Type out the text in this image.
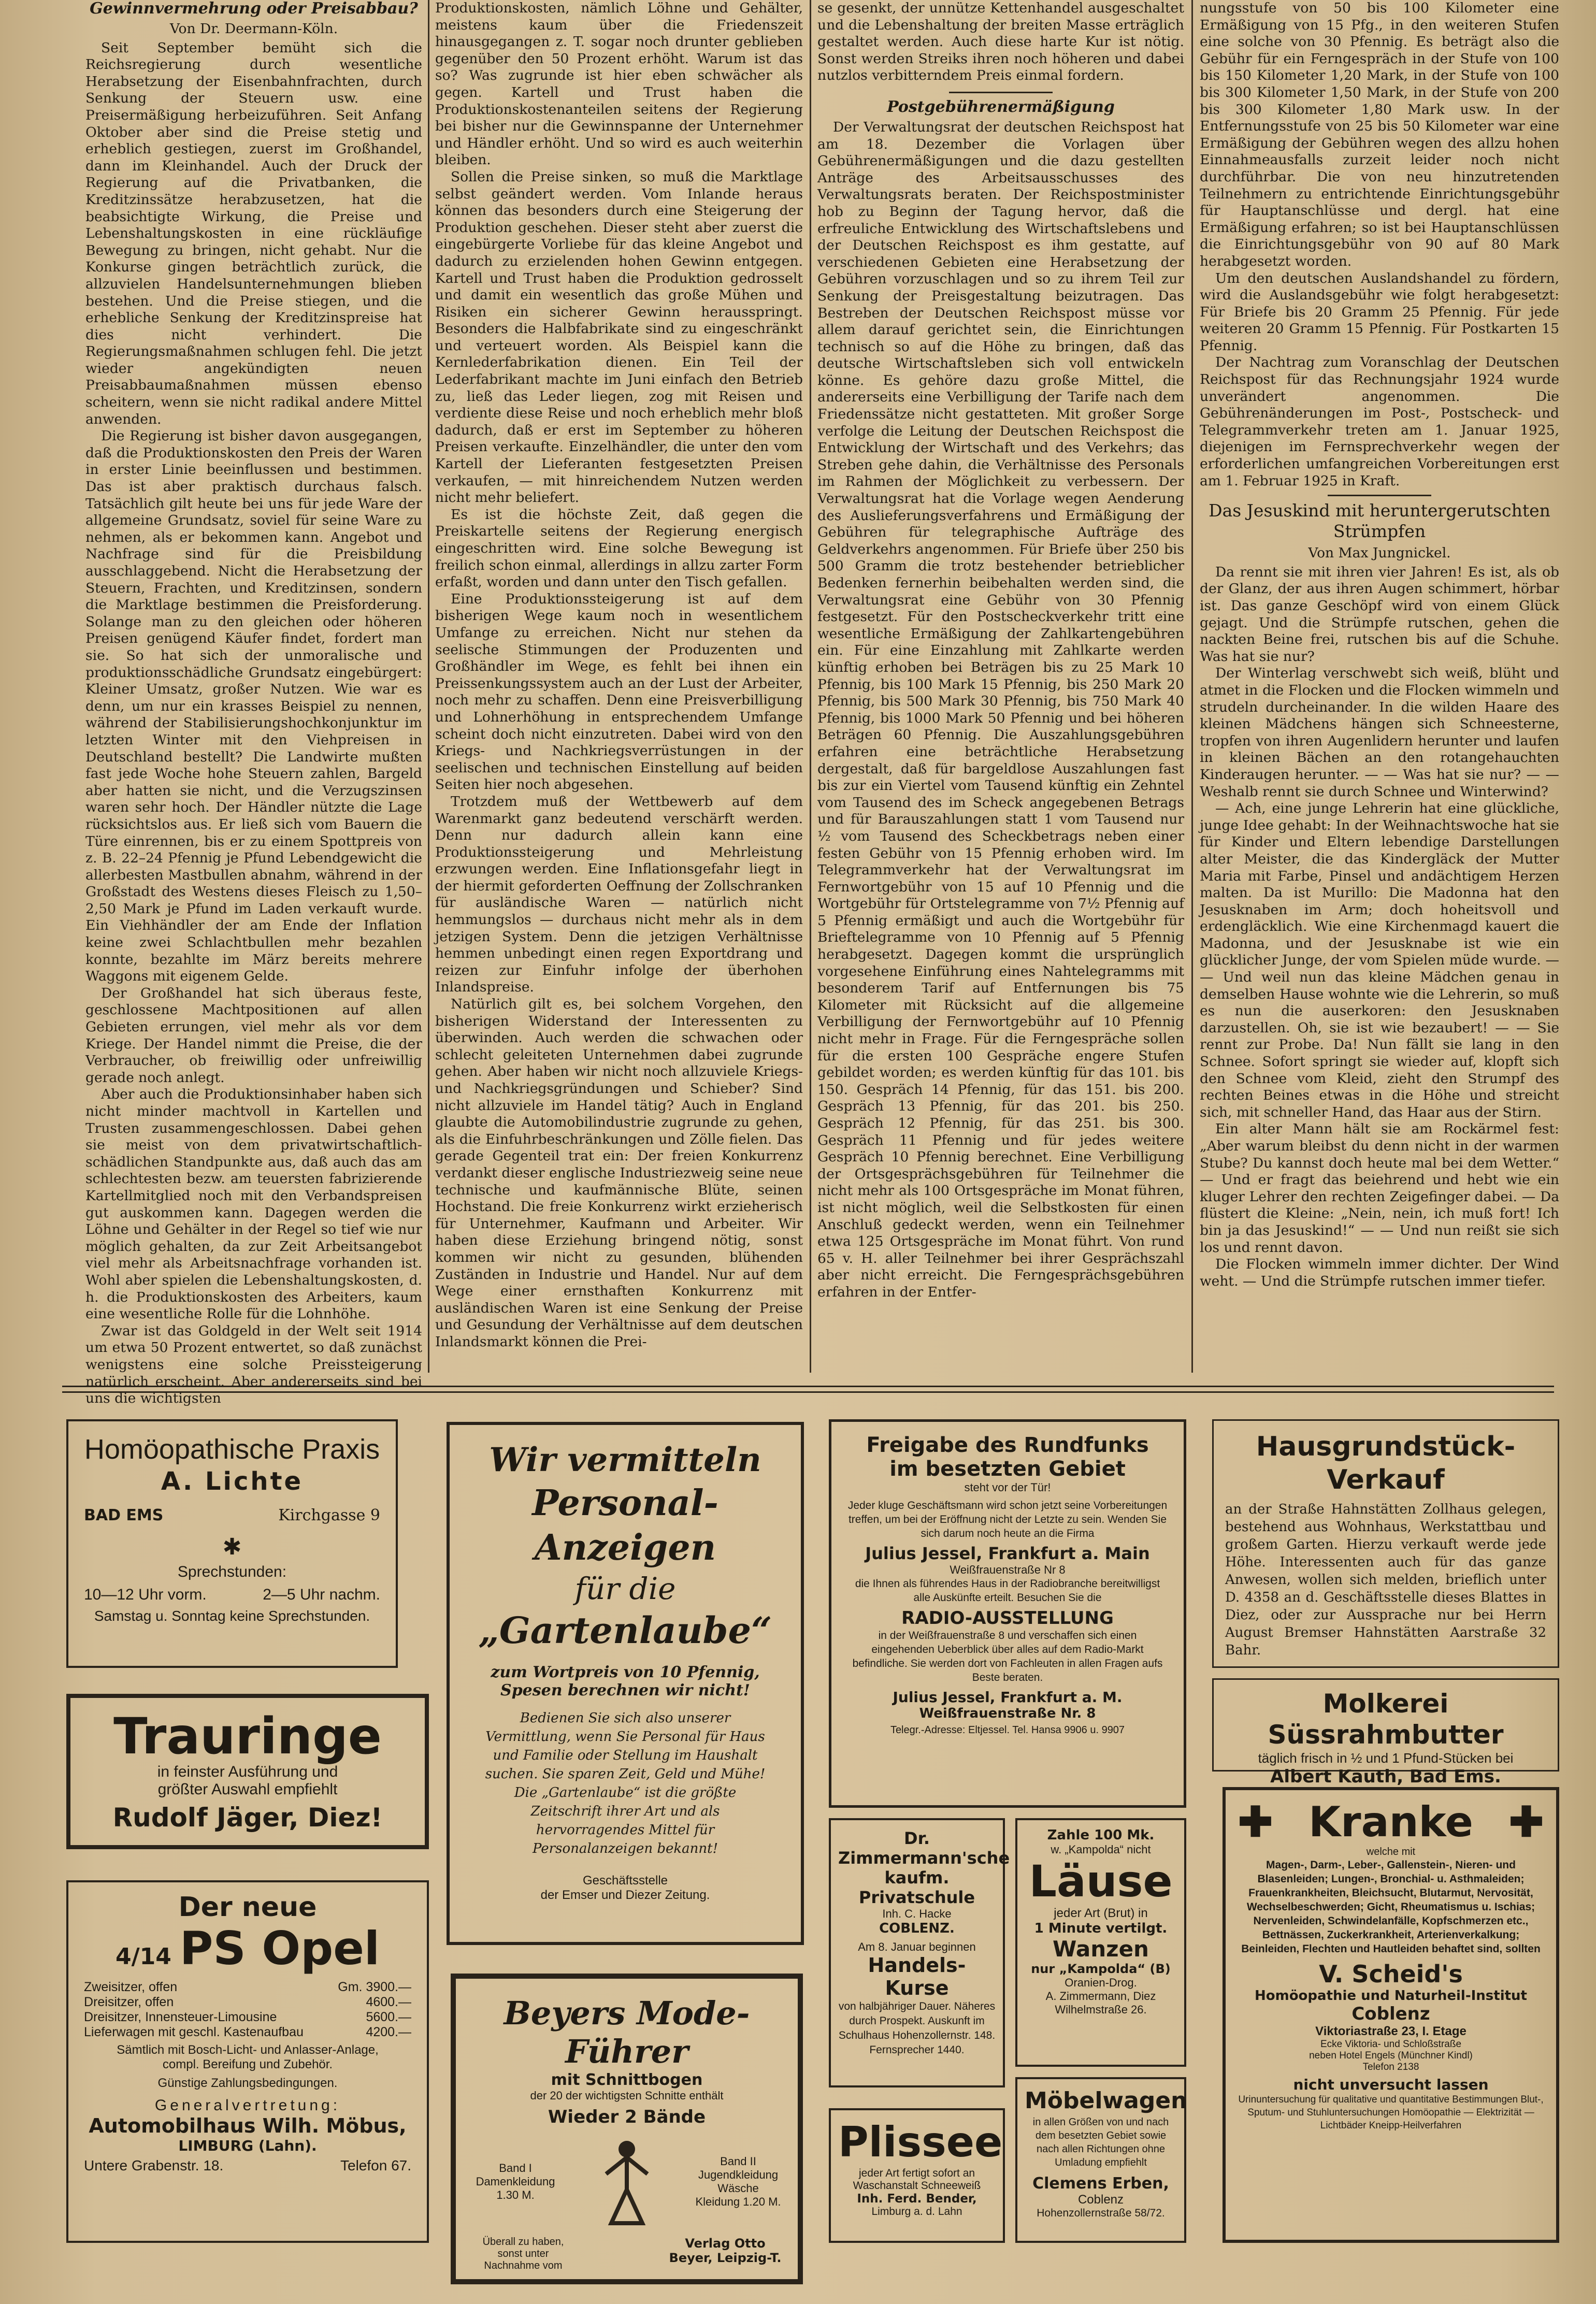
Gewinnvermehrung oder Preisabbau?

Von Dr. Deermann-Köln.

Seit September bemüht sich die Reichsregierung durch wesentliche Herabsetzung der Eisenbahnfrachten, durch Senkung der Steuern usw. eine Preisermäßigung herbeizuführen. Seit Anfang Oktober aber sind die Preise stetig und erheblich gestiegen, zuerst im Großhandel, dann im Kleinhandel. Auch der Druck der Regierung auf die Privatbanken, die Kreditzinssätze herabzusetzen, hat die beabsichtigte Wirkung, die Preise und Lebenshaltungskosten in eine rückläufige Bewegung zu bringen, nicht gehabt. Nur die Konkurse gingen beträchtlich zurück, die allzuvielen Handelsunternehmungen blieben bestehen. Und die Preise stiegen, und die erhebliche Senkung der Kreditzinspreise hat dies nicht verhindert. Die Regierungsmaßnahmen schlugen fehl. Die jetzt wieder angekündigten neuen Preisabbaumaßnahmen müssen ebenso scheitern, wenn sie nicht radikal andere Mittel anwenden.

Die Regierung ist bisher davon ausgegangen, daß die Produktionskosten den Preis der Waren in erster Linie beeinflussen und bestimmen. Das ist aber praktisch durchaus falsch. Tatsächlich gilt heute bei uns für jede Ware der allgemeine Grundsatz, soviel für seine Ware zu nehmen, als er bekommen kann. Angebot und Nachfrage sind für die Preisbildung ausschlaggebend. Nicht die Herabsetzung der Steuern, Frachten, und Kreditzinsen, sondern die Marktlage bestimmen die Preisforderung. Solange man zu den gleichen oder höheren Preisen genügend Käufer findet, fordert man sie. So hat sich der unmoralische und produktionsschädliche Grundsatz eingebürgert: Kleiner Umsatz, großer Nutzen. Wie war es denn, um nur ein krasses Beispiel zu nennen, während der Stabilisierungshochkonjunktur im letzten Winter mit den Viehpreisen in Deutschland bestellt? Die Landwirte mußten fast jede Woche hohe Steuern zahlen, Bargeld aber hatten sie nicht, und die Verzugszinsen waren sehr hoch. Der Händler nützte die Lage rücksichtslos aus. Er ließ sich vom Bauern die Türe einrennen, bis er zu einem Spottpreis von z. B. 22–24 Pfennig je Pfund Lebendgewicht die allerbesten Mastbullen abnahm, während in der Großstadt des Westens dieses Fleisch zu 1,50–2,50 Mark je Pfund im Laden verkauft wurde. Ein Viehhändler der am Ende der Inflation keine zwei Schlachtbullen mehr bezahlen konnte, bezahlte im März bereits mehrere Waggons mit eigenem Gelde.

Der Großhandel hat sich überaus feste, geschlossene Machtpositionen auf allen Gebieten errungen, viel mehr als vor dem Kriege. Der Handel nimmt die Preise, die der Verbraucher, ob freiwillig oder unfreiwillig gerade noch anlegt.

Aber auch die Produktionsinhaber haben sich nicht minder machtvoll in Kartellen und Trusten zusammengeschlossen. Dabei gehen sie meist von dem privatwirtschaftlich-schädlichen Standpunkte aus, daß auch das am schlechtesten bezw. am teuersten fabrizierende Kartellmitglied noch mit den Verbandspreisen gut auskommen kann. Dagegen werden die Löhne und Gehälter in der Regel so tief wie nur möglich gehalten, da zur Zeit Arbeitsangebot viel mehr als Arbeitsnachfrage vorhanden ist. Wohl aber spielen die Lebenshaltungskosten, d. h. die Produktionskosten des Arbeiters, kaum eine wesentliche Rolle für die Lohnhöhe.

Zwar ist das Goldgeld in der Welt seit 1914 um etwa 50 Prozent entwertet, so daß zunächst wenigstens eine solche Preissteigerung natürlich erscheint. Aber andererseits sind bei uns die wichtigsten

Produktionskosten, nämlich Löhne und Gehälter, meistens kaum über die Friedenszeit hinausgegangen z. T. sogar noch drunter geblieben gegenüber den 50 Prozent erhöht. Warum ist das so? Was zugrunde ist hier eben schwächer als gegen. Kartell und Trust haben die Produktionskostenanteilen seitens der Regierung bei bisher nur die Gewinnspanne der Unternehmer und Händler erhöht. Und so wird es auch weiterhin bleiben.

Sollen die Preise sinken, so muß die Marktlage selbst geändert werden. Vom Inlande heraus können das besonders durch eine Steigerung der Produktion geschehen. Dieser steht aber zuerst die eingebürgerte Vorliebe für das kleine Angebot und dadurch zu erzielenden hohen Gewinn entgegen. Kartell und Trust haben die Produktion gedrosselt und damit ein wesentlich das große Mühen und Risiken ein sicherer Gewinn herausspringt. Besonders die Halbfabrikate sind zu eingeschränkt und verteuert worden. Als Beispiel kann die Kernlederfabrikation dienen. Ein Teil der Lederfabrikant machte im Juni einfach den Betrieb zu, ließ das Leder liegen, zog mit Reisen und verdiente diese Reise und noch erheblich mehr bloß dadurch, daß er erst im September zu höheren Preisen verkaufte. Einzelhändler, die unter den vom Kartell der Lieferanten festgesetzten Preisen verkaufen, — mit hinreichendem Nutzen werden nicht mehr beliefert.

Es ist die höchste Zeit, daß gegen die Preiskartelle seitens der Regierung energisch eingeschritten wird. Eine solche Bewegung ist freilich schon einmal, allerdings in allzu zarter Form erfaßt, worden und dann unter den Tisch gefallen.

Eine Produktionssteigerung ist auf dem bisherigen Wege kaum noch in wesentlichem Umfange zu erreichen. Nicht nur stehen da seelische Stimmungen der Produzenten und Großhändler im Wege, es fehlt bei ihnen ein Preissenkungssystem auch an der Lust der Arbeiter, noch mehr zu schaffen. Denn eine Preisverbilligung und Lohnerhöhung in entsprechendem Umfange scheint doch nicht einzutreten. Dabei wird von den Kriegs- und Nachkriegsverrüstungen in der seelischen und technischen Einstellung auf beiden Seiten hier noch abgesehen.

Trotzdem muß der Wettbewerb auf dem Warenmarkt ganz bedeutend verschärft werden. Denn nur dadurch allein kann eine Produktionssteigerung und Mehrleistung erzwungen werden. Eine Inflationsgefahr liegt in der hiermit geforderten Oeffnung der Zollschranken für ausländische Waren — natürlich nicht hemmungslos — durchaus nicht mehr als in dem jetzigen System. Denn die jetzigen Verhältnisse hemmen unbedingt einen regen Exportdrang und reizen zur Einfuhr infolge der überhohen Inlandspreise.

Natürlich gilt es, bei solchem Vorgehen, den bisherigen Widerstand der Interessenten zu überwinden. Auch werden die schwachen oder schlecht geleiteten Unternehmen dabei zugrunde gehen. Aber haben wir nicht noch allzuviele Kriegs- und Nachkriegsgründungen und Schieber? Sind nicht allzuviele im Handel tätig? Auch in England glaubte die Automobilindustrie zugrunde zu gehen, als die Einfuhrbeschränkungen und Zölle fielen. Das gerade Gegenteil trat ein: Der freien Konkurrenz verdankt dieser englische Industriezweig seine neue technische und kaufmännische Blüte, seinen Hochstand. Die freie Konkurrenz wirkt erzieherisch für Unternehmer, Kaufmann und Arbeiter. Wir haben diese Erziehung bringend nötig, sonst kommen wir nicht zu gesunden, blühenden Zuständen in Industrie und Handel. Nur auf dem Wege einer ernsthaften Konkurrenz mit ausländischen Waren ist eine Senkung der Preise und Gesundung der Verhältnisse auf dem deutschen Inlandsmarkt können die Prei-

se gesenkt, der unnütze Kettenhandel ausgeschaltet und die Lebenshaltung der breiten Masse erträglich gestaltet werden. Auch diese harte Kur ist nötig. Sonst werden Streiks ihren noch höheren und dabei nutzlos verbitterndem Preis einmal fordern.

Postgebührenermäßigung

Der Verwaltungsrat der deutschen Reichspost hat am 18. Dezember die Vorlagen über Gebührenermäßigungen und die dazu gestellten Anträge des Arbeitsausschusses des Verwaltungsrats beraten. Der Reichspostminister hob zu Beginn der Tagung hervor, daß die erfreuliche Entwicklung des Wirtschaftslebens und der Deutschen Reichspost es ihm gestatte, auf verschiedenen Gebieten eine Herabsetzung der Gebühren vorzuschlagen und so zu ihrem Teil zur Senkung der Preisgestaltung beizutragen. Das Bestreben der Deutschen Reichspost müsse vor allem darauf gerichtet sein, die Einrichtungen technisch so auf die Höhe zu bringen, daß das deutsche Wirtschaftsleben sich voll entwickeln könne. Es gehöre dazu große Mittel, die andererseits eine Verbilligung der Tarife nach dem Friedenssätze nicht gestatteten. Mit großer Sorge verfolge die Leitung der Deutschen Reichspost die Entwicklung der Wirtschaft und des Verkehrs; das Streben gehe dahin, die Verhältnisse des Personals im Rahmen der Möglichkeit zu verbessern. Der Verwaltungsrat hat die Vorlage wegen Aenderung des Auslieferungsverfahrens und Ermäßigung der Gebühren für telegraphische Aufträge des Geldverkehrs angenommen. Für Briefe über 250 bis 500 Gramm die trotz bestehender betrieblicher Bedenken fernerhin beibehalten werden sind, die Verwaltungsrat eine Gebühr von 30 Pfennig festgesetzt. Für den Postscheckverkehr tritt eine wesentliche Ermäßigung der Zahlkartengebühren ein. Für eine Einzahlung mit Zahlkarte werden künftig erhoben bei Beträgen bis zu 25 Mark 10 Pfennig, bis 100 Mark 15 Pfennig, bis 250 Mark 20 Pfennig, bis 500 Mark 30 Pfennig, bis 750 Mark 40 Pfennig, bis 1000 Mark 50 Pfennig und bei höheren Beträgen 60 Pfennig. Die Auszahlungsgebühren erfahren eine beträchtliche Herabsetzung dergestalt, daß für bargeldlose Auszahlungen fast bis zur ein Viertel vom Tausend künftig ein Zehntel vom Tausend des im Scheck angegebenen Betrags und für Barauszahlungen statt 1 vom Tausend nur ½ vom Tausend des Scheckbetrags neben einer festen Gebühr von 15 Pfennig erhoben wird. Im Telegrammverkehr hat der Verwaltungsrat im Fernwortgebühr von 15 auf 10 Pfennig und die Wortgebühr für Ortstelegramme von 7½ Pfennig auf 5 Pfennig ermäßigt und auch die Wortgebühr für Brieftelegramme von 10 Pfennig auf 5 Pfennig herabgesetzt. Dagegen kommt die ursprünglich vorgesehene Einführung eines Nahtelegramms mit besonderem Tarif auf Entfernungen bis 75 Kilometer mit Rücksicht auf die allgemeine Verbilligung der Fernwortgebühr auf 10 Pfennig nicht mehr in Frage. Für die Ferngespräche sollen für die ersten 100 Gespräche engere Stufen gebildet worden; es werden künftig für das 101. bis 150. Gespräch 14 Pfennig, für das 151. bis 200. Gespräch 13 Pfennig, für das 201. bis 250. Gespräch 12 Pfennig, für das 251. bis 300. Gespräch 11 Pfennig und für jedes weitere Gespräch 10 Pfennig berechnet. Eine Verbilligung der Ortsgesprächsgebühren für Teilnehmer die nicht mehr als 100 Ortsgespräche im Monat führen, ist nicht möglich, weil die Selbstkosten für einen Anschluß gedeckt werden, wenn ein Teilnehmer etwa 125 Ortsgespräche im Monat führt. Von rund 65 v. H. aller Teilnehmer bei ihrer Gesprächszahl aber nicht erreicht. Die Ferngesprächsgebühren erfahren in der Entfer-

nungsstufe von 50 bis 100 Kilometer eine Ermäßigung von 15 Pfg., in den weiteren Stufen eine solche von 30 Pfennig. Es beträgt also die Gebühr für ein Ferngespräch in der Stufe von 100 bis 150 Kilometer 1,20 Mark, in der Stufe von 100 bis 300 Kilometer 1,50 Mark, in der Stufe von 200 bis 300 Kilometer 1,80 Mark usw. In der Entfernungsstufe von 25 bis 50 Kilometer war eine Ermäßigung der Gebühren wegen des allzu hohen Einnahmeausfalls zurzeit leider noch nicht durchführbar. Die von neu hinzutretenden Teilnehmern zu entrichtende Einrichtungsgebühr für Hauptanschlüsse und dergl. hat eine Ermäßigung erfahren; so ist bei Hauptanschlüssen die Einrichtungsgebühr von 90 auf 80 Mark herabgesetzt worden.

Um den deutschen Auslandshandel zu fördern, wird die Auslandsgebühr wie folgt herabgesetzt: Für Briefe bis 20 Gramm 25 Pfennig. Für jede weiteren 20 Gramm 15 Pfennig. Für Postkarten 15 Pfennig.

Der Nachtrag zum Voranschlag der Deutschen Reichspost für das Rechnungsjahr 1924 wurde unverändert angenommen. Die Gebührenänderungen im Post-, Postscheck- und Telegrammverkehr treten am 1. Januar 1925, diejenigen im Fernsprechverkehr wegen der erforderlichen umfangreichen Vorbereitungen erst am 1. Februar 1925 in Kraft.

Das Jesuskind mit heruntergerutschten Strümpfen

Von Max Jungnickel.

Da rennt sie mit ihren vier Jahren! Es ist, als ob der Glanz, der aus ihren Augen schimmert, hörbar ist. Das ganze Geschöpf wird von einem Glück gejagt. Und die Strümpfe rutschen, gehen die nackten Beine frei, rutschen bis auf die Schuhe. Was hat sie nur?

Der Winterlag verschwebt sich weiß, blüht und atmet in die Flocken und die Flocken wimmeln und strudeln durcheinander. In die wilden Haare des kleinen Mädchens hängen sich Schneesterne, tropfen von ihren Augenlidern herunter und laufen in kleinen Bächen an den rotangehauchten Kinderaugen herunter. — — Was hat sie nur? — — Weshalb rennt sie durch Schnee und Winterwind?

— Ach, eine junge Lehrerin hat eine glückliche, junge Idee gehabt: In der Weihnachtswoche hat sie für Kinder und Eltern lebendige Darstellungen alter Meister, die das Kindergläck der Mutter Maria mit Farbe, Pinsel und andächtigem Herzen malten. Da ist Murillo: Die Madonna hat den Jesusknaben im Arm; doch hoheitsvoll und erdengläcklich. Wie eine Kirchenmagd kauert die Madonna, und der Jesusknabe ist wie ein glücklicher Junge, der vom Spielen müde wurde. — — Und weil nun das kleine Mädchen genau in demselben Hause wohnte wie die Lehrerin, so muß es nun die auserkoren: den Jesusknaben darzustellen. Oh, sie ist wie bezaubert! — — Sie rennt zur Probe. Da! Nun fällt sie lang in den Schnee. Sofort springt sie wieder auf, klopft sich den Schnee vom Kleid, zieht den Strumpf des rechten Beines etwas in die Höhe und streicht sich, mit schneller Hand, das Haar aus der Stirn.

Ein alter Mann hält sie am Rockärmel fest: „Aber warum bleibst du denn nicht in der warmen Stube? Du kannst doch heute mal bei dem Wetter.“ — Und er fragt das beiehrend und hebt wie ein kluger Lehrer den rechten Zeigefinger dabei. — Da flüstert die Kleine: „Nein, nein, ich muß fort! Ich bin ja das Jesuskind!“ — — Und nun reißt sie sich los und rennt davon.

Die Flocken wimmeln immer dichter. Der Wind weht. — Und die Strümpfe rutschen immer tiefer.

Homöopathische Praxis
A. Lichte
BAD EMS	Kirchgasse 9
✱
Sprechstunden:
10—12 Uhr vorm.	2—5 Uhr nachm.
Samstag u. Sonntag keine Sprechstunden.
Trauringe
in feinster Ausführung und
größter Auswahl empfiehlt
Rudolf Jäger, Diez!
Der neue
4/14 PS Opel
Zweisitzer, offen	Gm. 3900.—
Dreisitzer, offen	4600.—
Dreisitzer, Innensteuer-Limousine	5600.—
Lieferwagen mit geschl. Kastenaufbau	4200.—
Sämtlich mit Bosch-Licht- und Anlasser-Anlage,
compl. Bereifung und Zubehör.
Günstige Zahlungsbedingungen.
Generalvertretung:
Automobilhaus Wilh. Möbus,
LIMBURG (Lahn).
Untere Grabenstr. 18.	Telefon 67.
Wir vermitteln
Personal-Anzeigen
für die
„Gartenlaube“
zum Wortpreis von 10 Pfennig,
Spesen berechnen wir nicht!
Bedienen Sie sich also unserer Vermittlung, wenn Sie Personal für Haus und Familie oder Stellung im Haushalt suchen. Sie sparen Zeit, Geld und Mühe! Die „Gartenlaube“ ist die größte Zeitschrift ihrer Art und als hervorragendes Mittel für Personalanzeigen bekannt!
Geschäftsstelle
der Emser und Diezer Zeitung.
Beyers Mode-Führer
mit Schnittbogen
der 20 der wichtigsten Schnitte enthält
Wieder 2 Bände
Band I Damenkleidung 1.30 M.
Band II Jugendkleidung Wäsche Kleidung 1.20 M.
Überall zu haben, sonst unter Nachnahme vom
Verlag Otto Beyer, Leipzig-T.
Freigabe des Rundfunks
im besetzten Gebiet
steht vor der Tür!
Jeder kluge Geschäftsmann wird schon jetzt seine Vorbereitungen treffen, um bei der Eröffnung nicht der Letzte zu sein. Wenden Sie sich darum noch heute an die Firma
Julius Jessel, Frankfurt a. Main
Weißfrauenstraße Nr 8
die Ihnen als führendes Haus in der Radiobranche bereitwilligst alle Auskünfte erteilt. Besuchen Sie die
RADIO-AUSSTELLUNG
in der Weißfrauenstraße 8 und verschaffen sich einen eingehenden Ueberblick über alles auf dem Radio-Markt befindliche. Sie werden dort von Fachleuten in allen Fragen aufs Beste beraten.
Julius Jessel, Frankfurt a. M.
Weißfrauenstraße Nr. 8
Telegr.-Adresse: Eltjessel. Tel. Hansa 9906 u. 9907
Dr. Zimmermann'sche
kaufm. Privatschule
Inh. C. Hacke
COBLENZ.
Am 8. Januar beginnen
Handels-Kurse
von halbjähriger Dauer. Näheres durch Prospekt. Auskunft im Schulhaus Hohenzollernstr. 148. Fernsprecher 1440.
Plissee
jeder Art fertigt sofort an
Waschanstalt Schneeweiß
Inh. Ferd. Bender,
Limburg a. d. Lahn
Zahle 100 Mk.
w. „Kampolda“ nicht
Läuse
jeder Art (Brut) in
1 Minute vertilgt.
Wanzen
nur „Kampolda“ (B)
Oranien-Drog.
A. Zimmermann, Diez
Wilhelmstraße 26.
Möbelwagen
in allen Größen von und nach dem besetzten Gebiet sowie nach allen Richtungen ohne Umladung empfiehlt
Clemens Erben,
Coblenz
Hohenzollernstraße 58/72.
Hausgrundstück-Verkauf
an der Straße Hahnstätten Zollhaus gelegen, bestehend aus Wohnhaus, Werkstattbau und großem Garten. Hierzu verkauft werde jede Höhe. Interessenten auch für das ganze Anwesen, wollen sich melden, brieflich unter D. 4358 an d. Geschäftsstelle dieses Blattes in Diez, oder zur Aussprache nur bei Herrn August Bremser Hahnstätten Aarstraße 32 Bahr.
Molkerei Süssrahmbutter
täglich frisch in ½ und 1 Pfund-Stücken bei
Albert Kauth, Bad Ems.
✚ Kranke ✚
welche mit
Magen-, Darm-, Leber-, Gallenstein-, Nieren- und Blasenleiden; Lungen-, Bronchial- u. Asthmaleiden; Frauenkrankheiten, Bleichsucht, Blutarmut, Nervosität, Wechselbeschwerden; Gicht, Rheumatismus u. Ischias; Nervenleiden, Schwindelanfälle, Kopfschmerzen etc., Bettnässen, Zuckerkrankheit, Arterienverkalkung; Beinleiden, Flechten und Hautleiden behaftet sind, sollten
V. Scheid's
Homöopathie und Naturheil-Institut
Coblenz
Viktoriastraße 23, I. Etage
Ecke Viktoria- und Schloßstraße
neben Hotel Engels (Münchner Kindl)
Telefon 2138
nicht unversucht lassen
Urinuntersuchung für qualitative und quantitative Bestimmungen Blut-, Sputum- und Stuhluntersuchungen Homöopathie — Elektrizität — Lichtbäder Kneipp-Heilverfahren
